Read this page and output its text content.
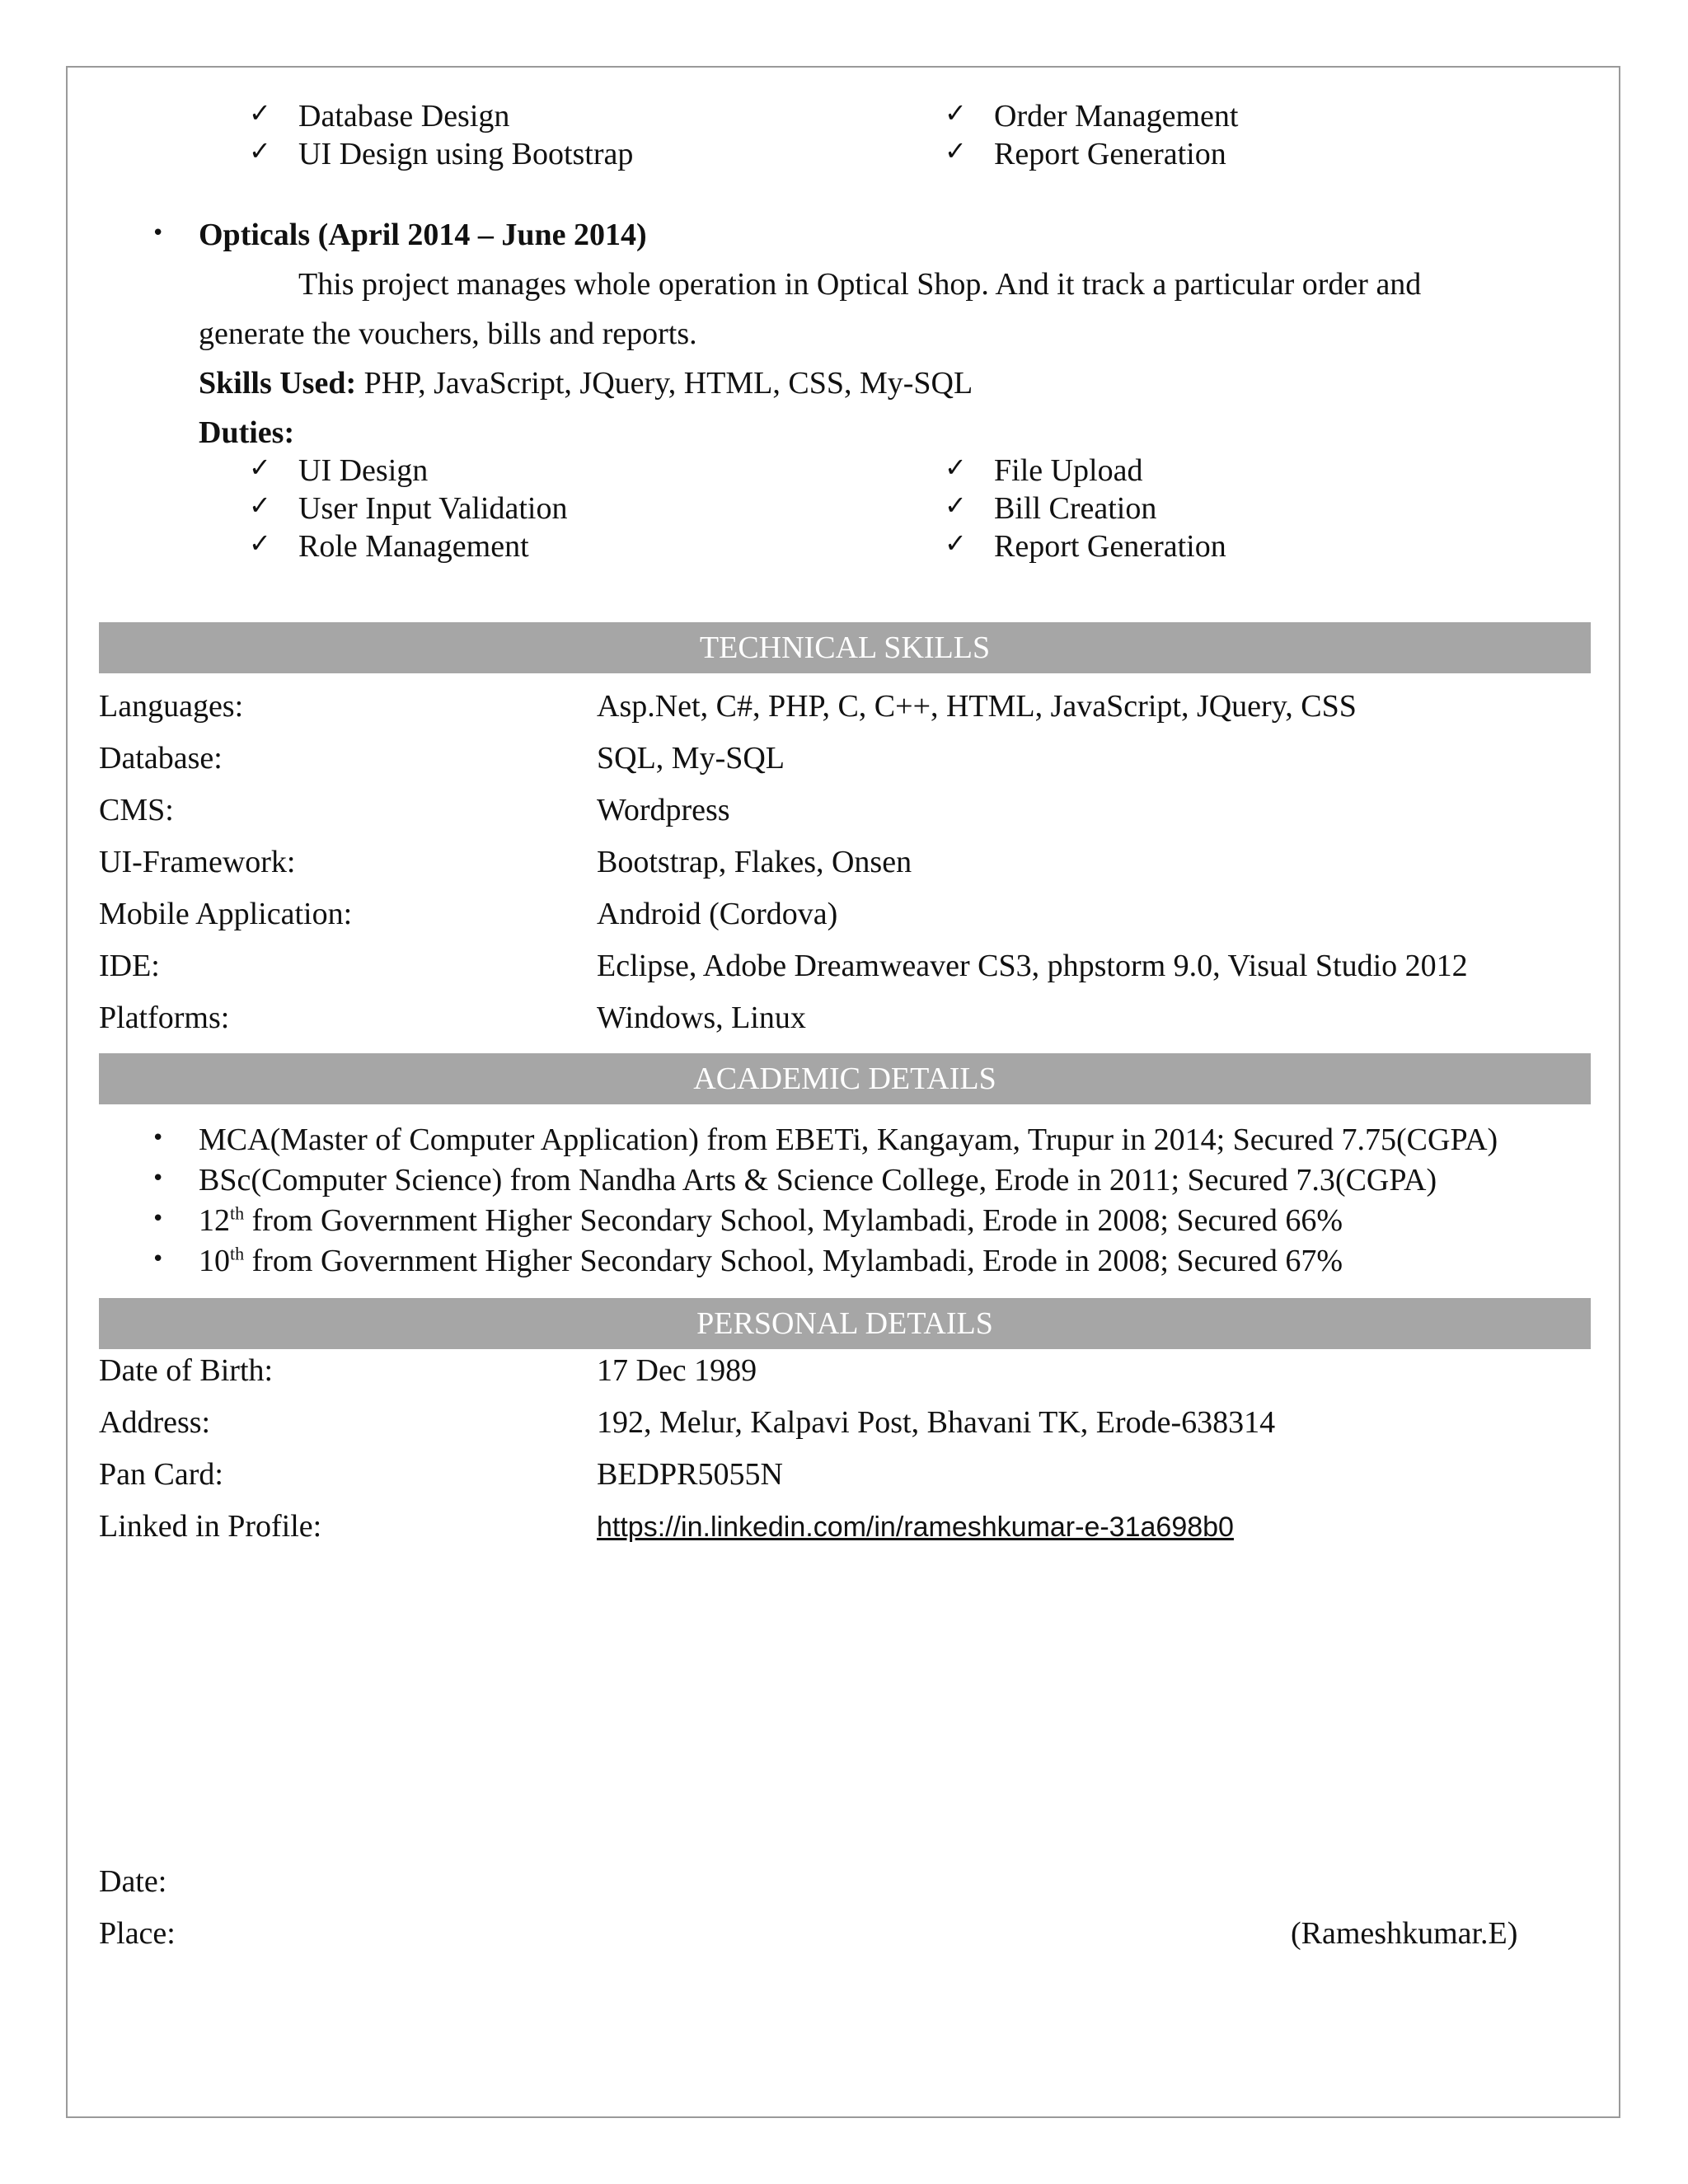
✓ Database Design
✓ UI Design using Bootstrap
✓ Order Management
✓ Report Generation
• Opticals (April 2014 – June 2014)
This project manages whole operation in Optical Shop. And it track a particular order and
generate the vouchers, bills and reports.
Skills Used: PHP, JavaScript, JQuery, HTML, CSS, My-SQL
Duties:
✓ UI Design
✓ User Input Validation
✓ Role Management
✓ File Upload
✓ Bill Creation
✓ Report Generation
TECHNICAL SKILLS
Languages:	Asp.Net, C#, PHP, C, C++, HTML, JavaScript, JQuery, CSS
Database:	SQL, My-SQL
CMS:	Wordpress
UI-Framework:	Bootstrap, Flakes, Onsen
Mobile Application:	Android (Cordova)
IDE:	Eclipse, Adobe Dreamweaver CS3, phpstorm 9.0, Visual Studio 2012
Platforms:	Windows, Linux
ACADEMIC DETAILS
• MCA(Master of Computer Application) from EBETi, Kangayam, Trupur in 2014; Secured 7.75(CGPA)
• BSc(Computer Science) from Nandha Arts & Science College, Erode in 2011; Secured 7.3(CGPA)
• 12th from Government Higher Secondary School, Mylambadi, Erode in 2008; Secured 66%
• 10th from Government Higher Secondary School, Mylambadi, Erode in 2008; Secured 67%
PERSONAL DETAILS
Date of Birth:	17 Dec 1989
Address:	192, Melur, Kalpavi Post, Bhavani TK, Erode-638314
Pan Card:	BEDPR5055N
Linked in Profile:	https://in.linkedin.com/in/rameshkumar-e-31a698b0
Date:
Place:	(Rameshkumar.E)
